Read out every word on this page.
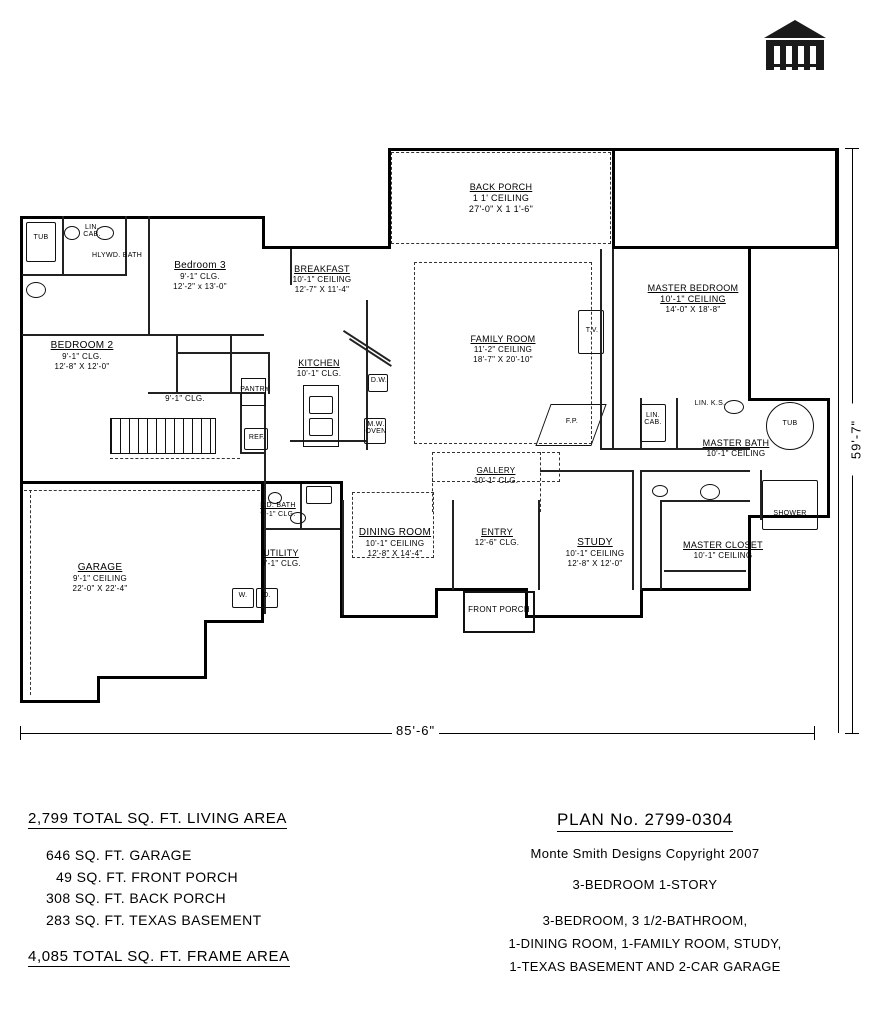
85'-6"
59'-7"
BACK PORCH
1 1' CEILING
27'-0" X 1 1'-6"
Bedroom 3
9'-1" CLG.
12'-2" x 13'-0"
BEDROOM 2
9'-1" CLG.
12'-8" X 12'-0"
BREAKFAST
10'-1" CEILING
12'-7" X 11'-4"
KITCHEN
10'-1" CLG.
FAMILY ROOM
11'-2" CEILING
18'-7" X 20'-10"
MASTER BEDROOM
10'-1" CEILING
14'-0" X 18'-8"
MASTER BATH
10'-1" CEILING
MASTER CLOSET
10'-1" CEILING
GALLERY
10'-1" CLG.
DINING ROOM
10'-1" CEILING
12'-8" X 14'-4"
ENTRY
12'-6" CLG.	STUDY
10'-1" CEILING
12'-8" X 12'-0"
FRONT PORCH
GARAGE
9'-1" CEILING
22'-0" X 22'-4"
UTILITY
9'-1" CLG.
P.D. BATH
9'-1" CLG.
HLYWD. BATH
TUB
LIN.
CAB.
9'-1" CLG.
PANTRY
REF.
D.W.
M.W.
OVEN
T.V.
F.P.
LIN.
CAB.
LIN. K.S.
TUB
SHOWER
W.	D.
2,799 TOTAL SQ. FT. LIVING AREA
646 SQ. FT. GARAGE
49 SQ. FT. FRONT PORCH
308 SQ. FT. BACK PORCH
283 SQ. FT. TEXAS BASEMENT
4,085 TOTAL SQ. FT. FRAME AREA
PLAN No. 2799-0304
Monte Smith Designs Copyright 2007
3-BEDROOM 1-STORY
3-BEDROOM, 3 1/2-BATHROOM,
1-DINING ROOM, 1-FAMILY ROOM, STUDY,
1-TEXAS BASEMENT AND 2-CAR GARAGE
